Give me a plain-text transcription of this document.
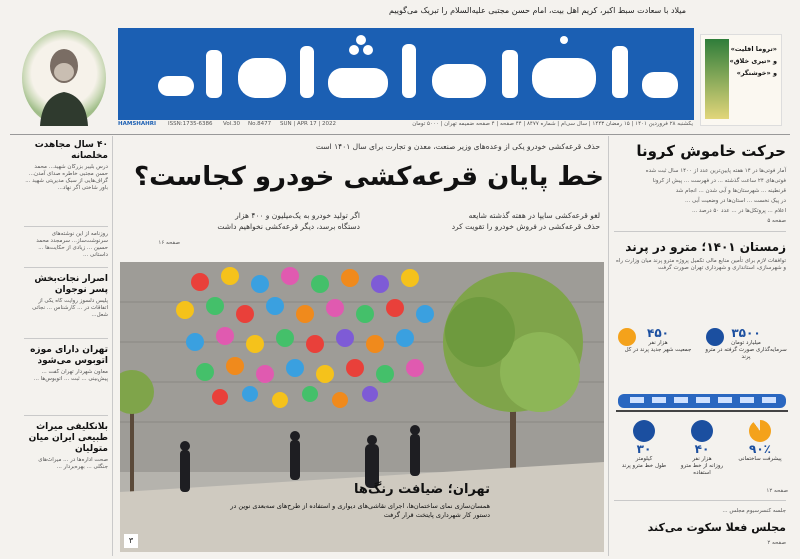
میلاد با سعادت سبط اکبر، کریم اهل بیت، امام حسن مجتبی علیه‌السلام را تبریک می‌گوییم
HAMSHAHRI ISSN:1735-6386 Vol.30 No.8477 SUN | APR 17 | 2022	یکشنبه ۲۸ فروردین ۱۴۰۱ | ۱۵ رمضان ۱۴۴۳ | سال سی‌ام | شماره ۸۴۷۷ | ۴۴ صفحه | ۴ صفحه ضمیمه تهران | ۵۰۰۰ تومان
«تروما اقلیت»
و «تیری خلاق»
و «خوشنگر»
۴۰ سال مجاهدت مخلصانه
درس بلیبر بزرگان شهید... محمد حسن مجتبی خاطره صدای آمدن... گراف‌هایی از سبک مدیریتی شهید ... باور شاختی اگر نهاد...
روزنامه از این نوشته‌های سرنوشت‌ساز... سرمجدد محمد حسین ... زیادی از حکایت‌ها ... داستانی ...
اصرار نجات‌بخش پسر نوجوان
پلیس دلسوز روایت گاه یکی از اتفاقات در ... کارشناس ... نجاتی شعل...
تهران دارای موزه اتوبوس می‌شود
معاون شهردار تهران گفت ... پیش‌بینی ... ثبت ... اتوبوس‌ها ...
بلانکلیفی میراث طبیعی ایران میان متولیان
صحت اداره‌ها در ... میراث‌های جنگلی ... بهره‌بردار ...
حذف قرعه‌کشی خودرو یکی از وعده‌های وزیر صنعت، معدن و تجارت برای سال ۱۴۰۱ است
خط پایان قرعه‌کشی خودرو کجاست؟
لغو قرعه‌کشی سایپا در هفته گذشته شایعه
حذف قرعه‌کشی در فروش خودرو را تقویت کرد
اگر تولید خودرو به یک‌میلیون و ۴۰۰ هزار
دستگاه برسد، دیگر قرعه‌کشی نخواهیم داشت
صفحه ۱۶
تهران؛ ضیافت رنگ‌ها
همسان‌سازی نمای ساختمان‌ها، اجرای نقاشی‌های دیواری و استفاده از طرح‌های سه‌بعدی نوین در دستور کار شهرداری پایتخت قرار گرفت
۳
حرکت خاموش کرونا
آمار فوتی‌ها در ۱۴ هفته پایین‌ترین عدد از ۱۴۰۰ سال ثبت شده
فوتی‌های ۲۴ ساعت گذشته ... در فهرست ... پیش از کرونا
قرنطینه ... شهرستان‌ها و آبی شدن ... انجام شد
در پیک نخست ... استان‌ها در وضعیت آبی ...
اعلام ... پروتکل‌ها در ... عدد ۵۰ درصد ...
صفحه ۵
زمستان ۱۴۰۱؛ مترو در پرند
توافقات لازم برای تأمین منابع مالی تکمیل پروژه مترو پرند میان وزارت راه و شهرسازی، استانداری و شهرداری تهران صورت گرفت
۳۵۰۰
میلیارد تومان
سرمایه‌گذاری صورت گرفته در مترو پرند
۴۵۰
هزار نفر
جمعیت شهر جدید پرند در کل
۹۰٪
پیشرفت ساختمانی
۴۰
هزار نفر
روزانه از خط مترو استفاده
۳۰
کیلومتر
طول خط مترو پرند
صفحه ۱۲
جلسه کنسرسیوم مجلس ...
مجلس فعلا سکوت می‌کند
صفحه ۲
